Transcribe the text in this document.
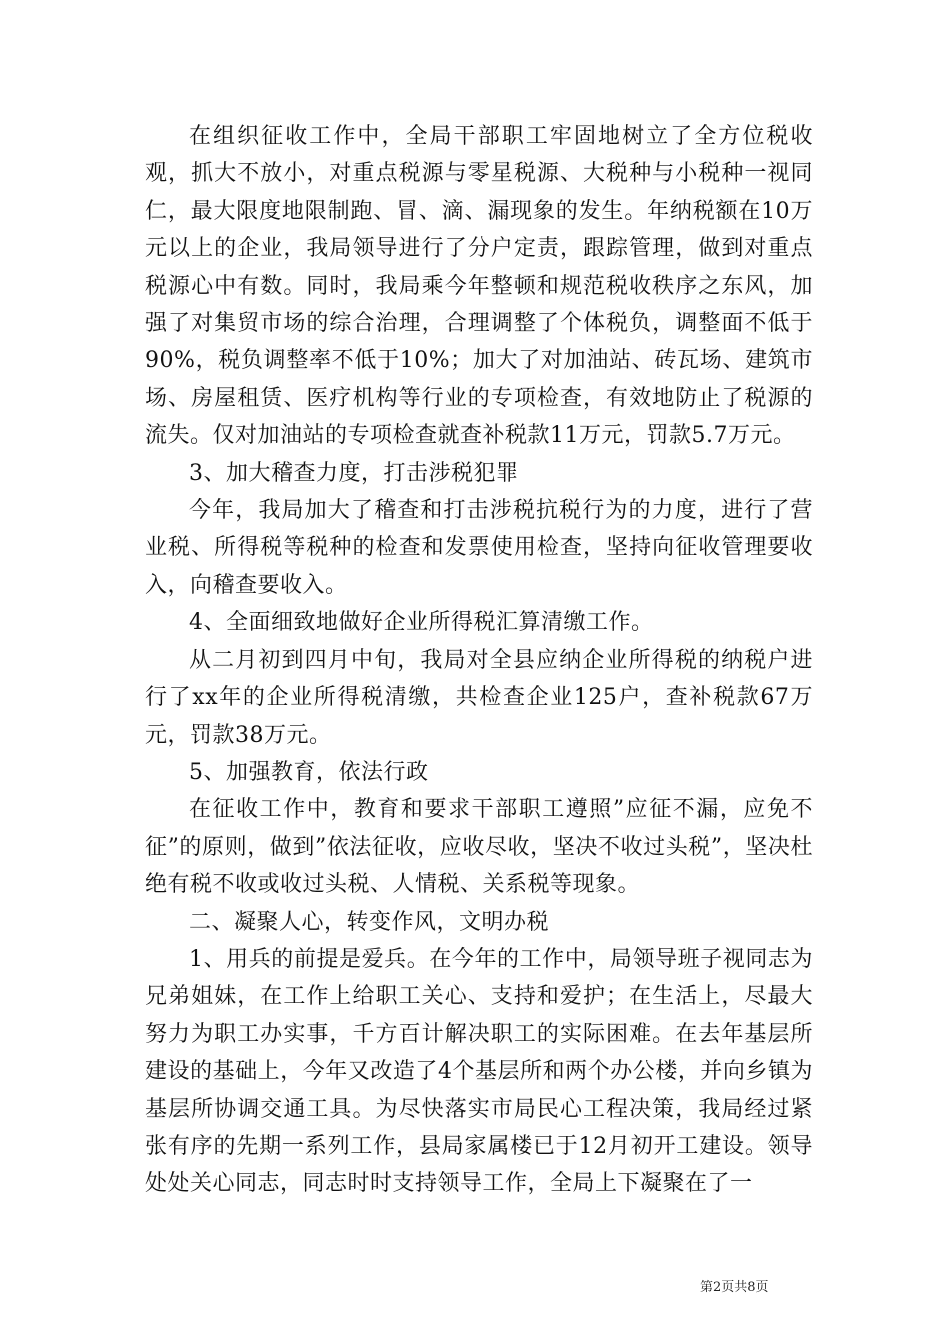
在组织征收工作中，全局干部职工牢固地树立了全方位税收观，抓大不放小，对重点税源与零星税源、大税种与小税种一视同仁，最大限度地限制跑、冒、滴、漏现象的发生。年纳税额在10万元以上的企业，我局领导进行了分户定责，跟踪管理，做到对重点税源心中有数。同时，我局乘今年整顿和规范税收秩序之东风，加强了对集贸市场的综合治理，合理调整了个体税负，调整面不低于90%，税负调整率不低于10%；加大了对加油站、砖瓦场、建筑市场、房屋租赁、医疗机构等行业的专项检查，有效地防止了税源的流失。仅对加油站的专项检查就查补税款11万元，罚款5.7万元。

3、加大稽查力度，打击涉税犯罪

今年，我局加大了稽查和打击涉税抗税行为的力度，进行了营业税、所得税等税种的检查和发票使用检查，坚持向征收管理要收入，向稽查要收入。

4、全面细致地做好企业所得税汇算清缴工作。

从二月初到四月中旬，我局对全县应纳企业所得税的纳税户进行了xx年的企业所得税清缴，共检查企业125户，查补税款67万元，罚款38万元。

5、加强教育，依法行政

在征收工作中，教育和要求干部职工遵照”应征不漏，应免不征”的原则，做到”依法征收，应收尽收，坚决不收过头税”，坚决杜绝有税不收或收过头税、人情税、关系税等现象。

二、凝聚人心，转变作风，文明办税

1、用兵的前提是爱兵。在今年的工作中，局领导班子视同志为兄弟姐妹，在工作上给职工关心、支持和爱护；在生活上，尽最大努力为职工办实事，千方百计解决职工的实际困难。在去年基层所建设的基础上，今年又改造了4个基层所和两个办公楼，并向乡镇为基层所协调交通工具。为尽快落实市局民心工程决策，我局经过紧张有序的先期一系列工作，县局家属楼已于12月初开工建设。领导处处关心同志，同志时时支持领导工作，全局上下凝聚在了一

第2页共8页
